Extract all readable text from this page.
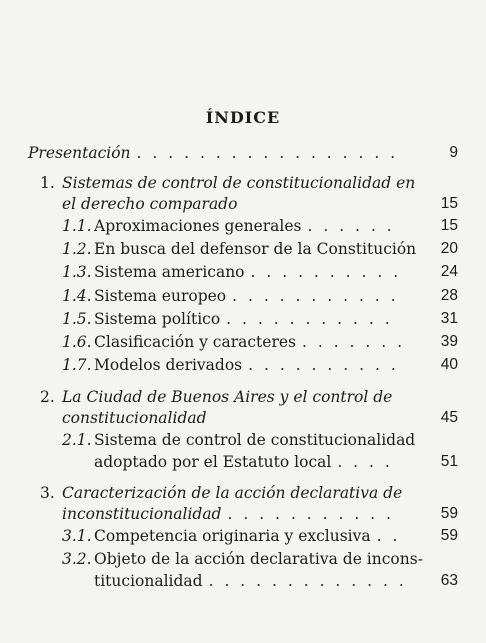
ÍNDICE
Presentación . . .	9
1. Sistemas de control de constitucionalidad en
el derecho comparado	15
1.1. Aproximaciones generales . . .	15
1.2. En busca del defensor de la Constitución 20
1.3. Sistema americano . . .	24
1.4. Sistema europeo . . .	28
1.5. Sistema político . . .	31
1.6. Clasificación y caracteres . . .	39
1.7. Modelos derivados . . .	40
2. La Ciudad de Buenos Aires y el control de
constitucionalidad	45
2.1. Sistema de control de constitucionalidad
adoptado por el Estatuto local . . .	51
3. Caracterización de la acción declarativa de
inconstitucionalidad . . .	59
3.1. Competencia originaria y exclusiva . . .	59
3.2. Objeto de la acción declarativa de incons-
titucionalidad . . .	63
